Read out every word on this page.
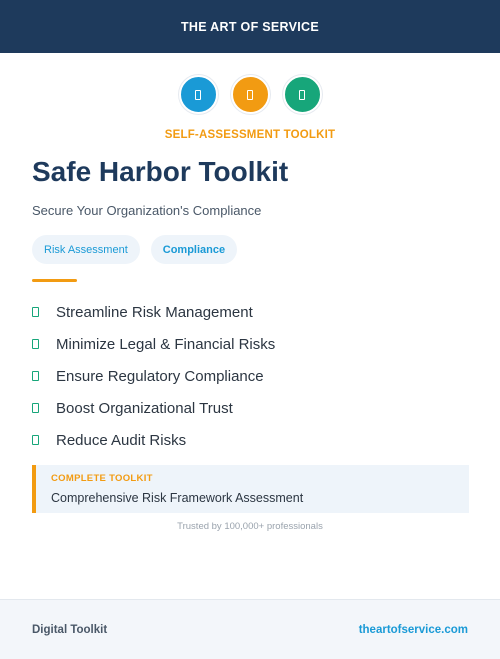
THE ART OF SERVICE
SELF-ASSESSMENT TOOLKIT
Safe Harbor Toolkit
Secure Your Organization's Compliance
Risk Assessment	Compliance
Streamline Risk Management
Minimize Legal & Financial Risks
Ensure Regulatory Compliance
Boost Organizational Trust
Reduce Audit Risks
COMPLETE TOOLKIT
Comprehensive Risk Framework Assessment
Trusted by 100,000+ professionals
Digital Toolkit	theartofservice.com
